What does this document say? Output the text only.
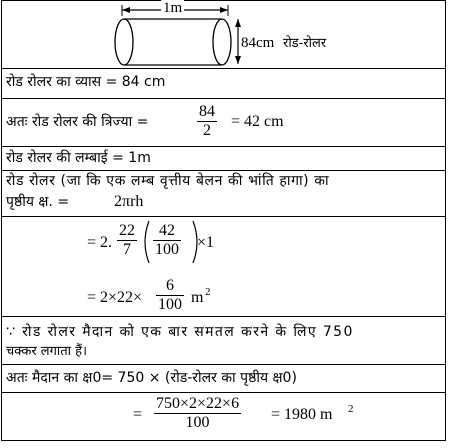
1m
84cm रोड-रोलर
रोड रोलर का व्यास = 84 cm
अतः रोड रोलर की त्रिज्या =	$\frac{84}{2} = 42$ cm
रोड रोलर की लम्बाई = 1m
रोड रोलर (जा कि एक लम्ब वृत्तीय बेलन की भांति हागा) का
पृष्ठीय क्ष. =	2πrh
= 2. $\frac{22}{7} \frac{42}{100} \times 1$
= $2\times 22\times \frac{6}{100}$ m 2
∵ रोड रोलर मैदान को एक बार समतल करने के लिए 750
चक्कर लगाता हैं।
अतः मैदान का क्ष0= 750 × (रोड-रोलर का पृष्ठीय क्ष0)
= $\frac{750\times 2\times 22\times 6}{100} = 1980$ m 2
